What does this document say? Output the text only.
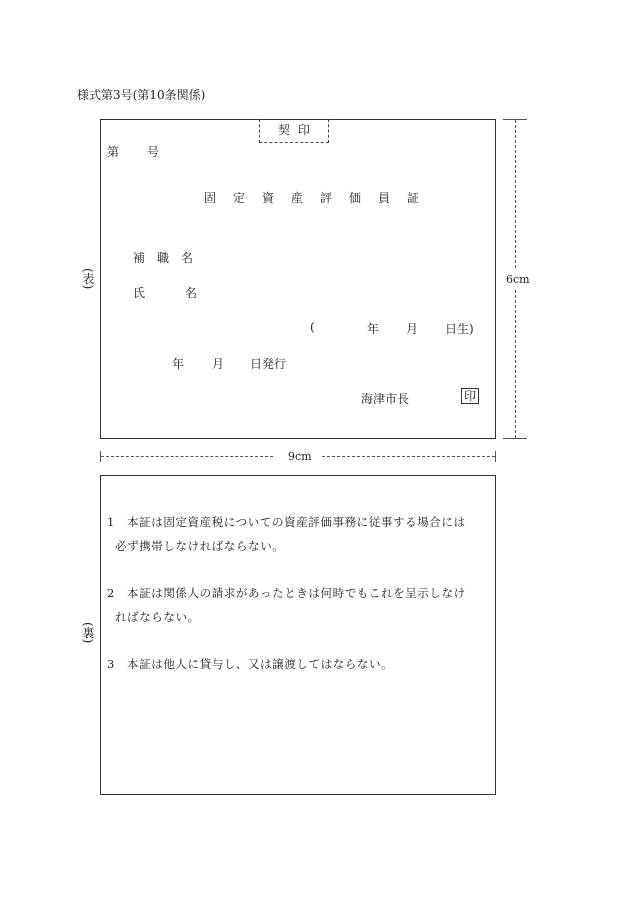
様式第3号(第10条関係)
(表)
契印
第 号
固定資産評価員証
補職名
氏　名
(	年 月 日生)
年 月 日発行
海津市長	印
6cm
9cm
(裏)
1　本証は固定資産税についての資産評価事務に従事する場合には
必ず携帯しなければならない。
2　本証は関係人の請求があったときは何時でもこれを呈示しなけ
ればならない。
3　本証は他人に貸与し、又は譲渡してはならない。
